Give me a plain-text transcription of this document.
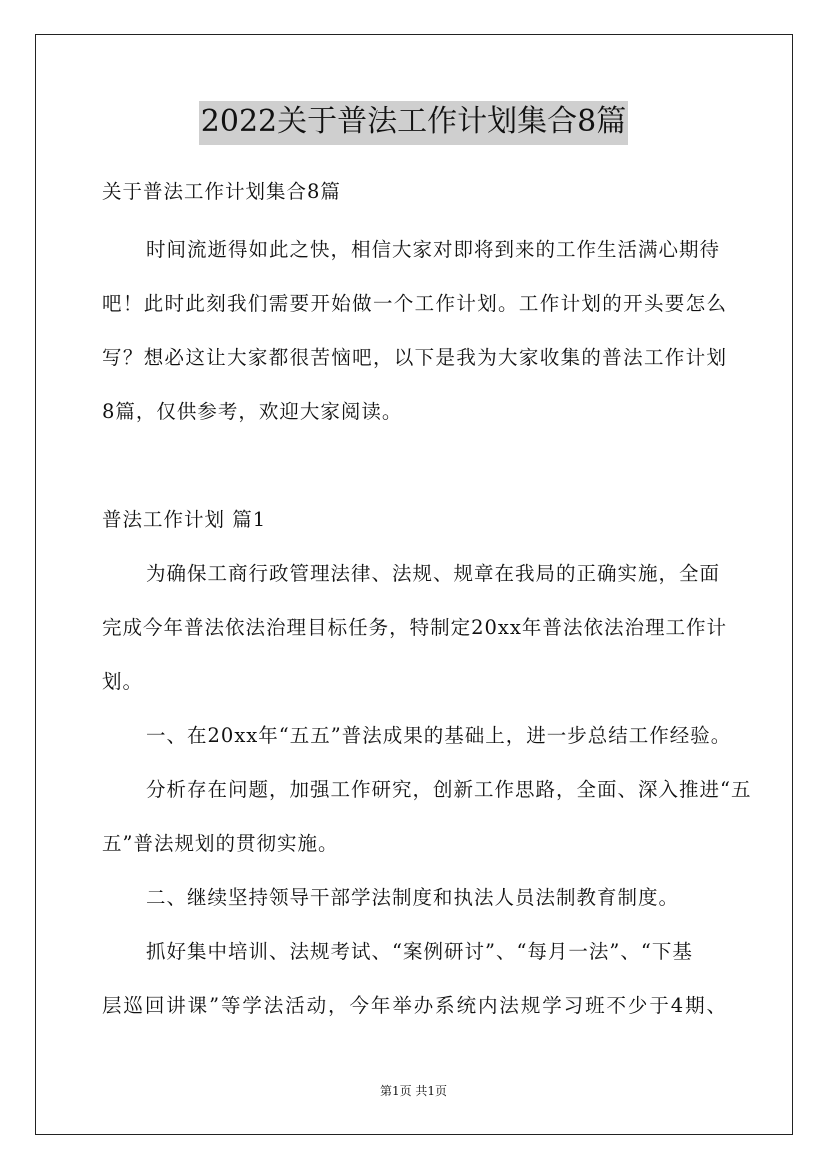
2022关于普法工作计划集合8篇
关于普法工作计划集合8篇
时间流逝得如此之快，相信大家对即将到来的工作生活满心期待
吧！此时此刻我们需要开始做一个工作计划。工作计划的开头要怎么
写？想必这让大家都很苦恼吧，以下是我为大家收集的普法工作计划
8篇，仅供参考，欢迎大家阅读。
普法工作计划 篇1
为确保工商行政管理法律、法规、规章在我局的正确实施，全面
完成今年普法依法治理目标任务，特制定20xx年普法依法治理工作计
划。
一、在20xx年“五五”普法成果的基础上，进一步总结工作经验。
分析存在问题，加强工作研究，创新工作思路，全面、深入推进“五
五”普法规划的贯彻实施。
二、继续坚持领导干部学法制度和执法人员法制教育制度。
抓好集中培训、法规考试、“案例研讨”、“每月一法”、“下基
层巡回讲课”等学法活动，今年举办系统内法规学习班不少于4期、
第1页 共1页
